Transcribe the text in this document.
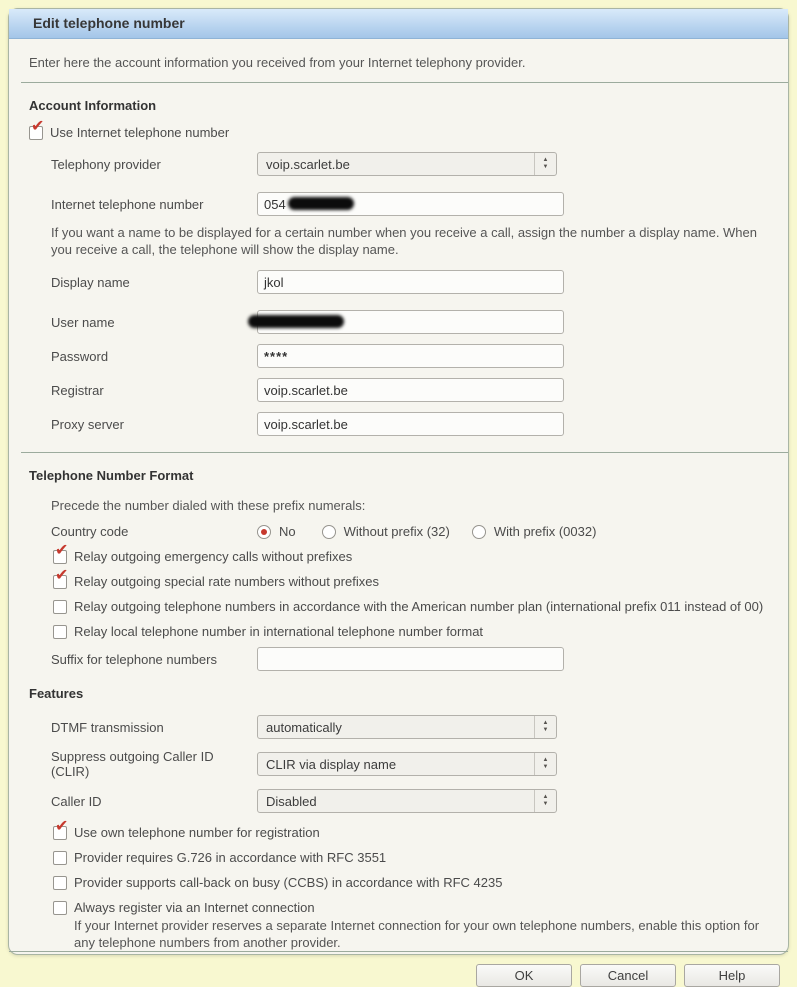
Edit telephone number
Enter here the account information you received from your Internet telephony provider.
Account Information
✔ Use Internet telephone number
Telephony provider	voip.scarlet.be	▲
▼
Internet telephone number	054
If you want a name to be displayed for a certain number when you receive a call, assign the number a display name. When you receive a call, the telephone will show the display name.
Display name	jkol
User name
Password	****
Registrar	voip.scarlet.be
Proxy server	voip.scarlet.be
Telephone Number Format
Precede the number dialed with these prefix numerals:
Country code	No	Without prefix (32)	With prefix (0032)
✔ Relay outgoing emergency calls without prefixes
✔ Relay outgoing special rate numbers without prefixes
Relay outgoing telephone numbers in accordance with the American number plan (international prefix 011 instead of 00)
Relay local telephone number in international telephone number format
Suffix for telephone numbers
Features
DTMF transmission	automatically	▲
▼
Suppress outgoing Caller ID (CLIR)	CLIR via display name	▲
▼
Caller ID	Disabled	▲
▼
✔ Use own telephone number for registration
Provider requires G.726 in accordance with RFC 3551
Provider supports call-back on busy (CCBS) in accordance with RFC 4235
Always register via an Internet connection
If your Internet provider reserves a separate Internet connection for your own telephone numbers, enable this option for any telephone numbers from another provider.
OK	Cancel	Help
